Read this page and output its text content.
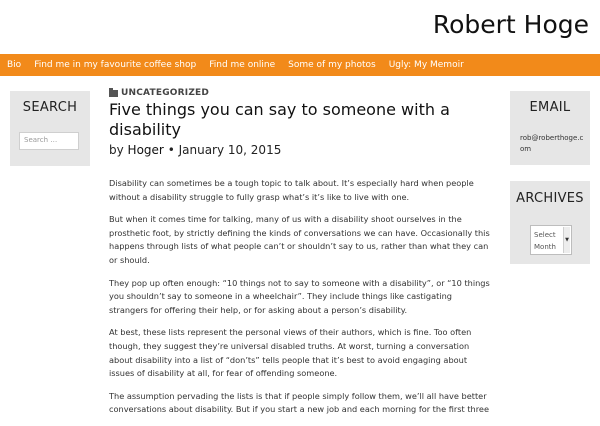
Robert Hoge
Bio Find me in my favourite coffee shop Find me online Some of my photos Ugly: My Memoir
SEARCH
Search …
EMAIL
rob@roberthoge.com
ARCHIVES
Select Month
▼
UNCATEGORIZED
Five things you can say to someone with a disability
by Hoger • January 10, 2015

Disability can sometimes be a tough topic to talk about. It’s especially hard when people without a disability struggle to fully grasp what’s it’s like to live with one.

But when it comes time for talking, many of us with a disability shoot ourselves in the prosthetic foot, by strictly defining the kinds of conversations we can have. Occasionally this happens through lists of what people can’t or shouldn’t say to us, rather than what they can or should.

They pop up often enough: “10 things not to say to someone with a disability”, or “10 things you shouldn’t say to someone in a wheelchair”. They include things like castigating strangers for offering their help, or for asking about a person’s disability.

At best, these lists represent the personal views of their authors, which is fine. Too often though, they suggest they’re universal disabled truths. At worst, turning a conversation about disability into a list of “don’ts” tells people that it’s best to avoid engaging about issues of disability at all, for fear of offending someone.

The assumption pervading the lists is that if people simply follow them, we’ll all have better conversations about disability. But if you start a new job and each morning for the first three
